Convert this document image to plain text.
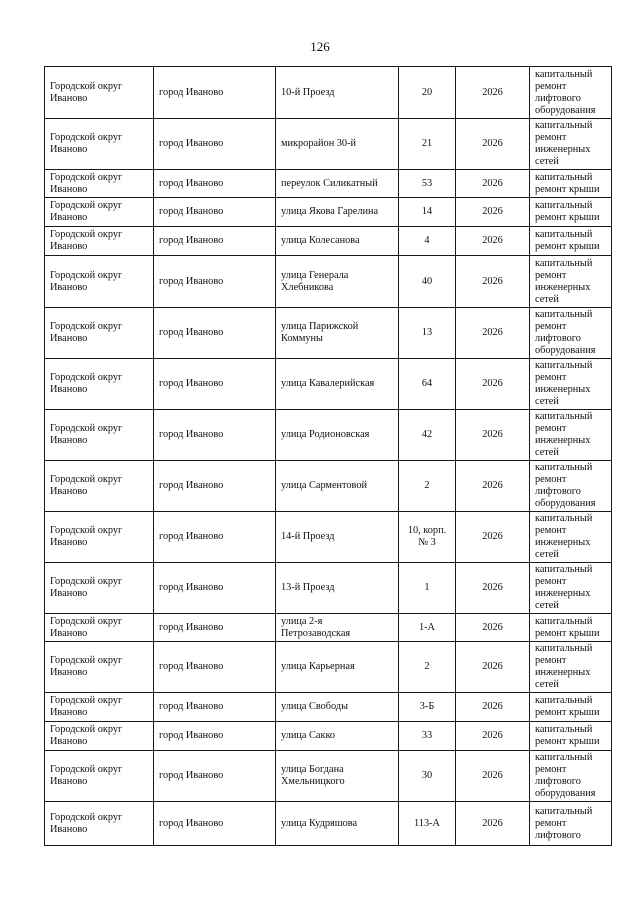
126
Городской округ Иваново	город Иваново	10-й Проезд	20	2026	капитальный ремонт лифтового оборудования
Городской округ Иваново	город Иваново	микрорайон 30-й	21	2026	капитальный ремонт инженерных сетей
Городской округ Иваново	город Иваново	переулок Силикатный	53	2026	капитальный ремонт крыши
Городской округ Иваново	город Иваново	улица Якова Гарелина	14	2026	капитальный ремонт крыши
Городской округ Иваново	город Иваново	улица Колесанова	4	2026	капитальный ремонт крыши
Городской округ Иваново	город Иваново	улица Генерала Хлебникова	40	2026	капитальный ремонт инженерных сетей
Городской округ Иваново	город Иваново	улица Парижской Коммуны	13	2026	капитальный ремонт лифтового оборудования
Городской округ Иваново	город Иваново	улица Кавалерийская	64	2026	капитальный ремонт инженерных сетей
Городской округ Иваново	город Иваново	улица Родионовская	42	2026	капитальный ремонт инженерных сетей
Городской округ Иваново	город Иваново	улица Сарментовой	2	2026	капитальный ремонт лифтового оборудования
Городской округ Иваново	город Иваново	14-й Проезд	10, корп. № 3	2026	капитальный ремонт инженерных сетей
Городской округ Иваново	город Иваново	13-й Проезд	1	2026	капитальный ремонт инженерных сетей
Городской округ Иваново	город Иваново	улица 2-я Петрозаводская	1-А	2026	капитальный ремонт крыши
Городской округ Иваново	город Иваново	улица Карьерная	2	2026	капитальный ремонт инженерных сетей
Городской округ Иваново	город Иваново	улица Свободы	3-Б	2026	капитальный ремонт крыши
Городской округ Иваново	город Иваново	улица Сакко	33	2026	капитальный ремонт крыши
Городской округ Иваново	город Иваново	улица Богдана Хмельницкого	30	2026	капитальный ремонт лифтового оборудования
Городской округ Иваново	город Иваново	улица Кудряшова	113-А	2026	капитальный ремонт лифтового
